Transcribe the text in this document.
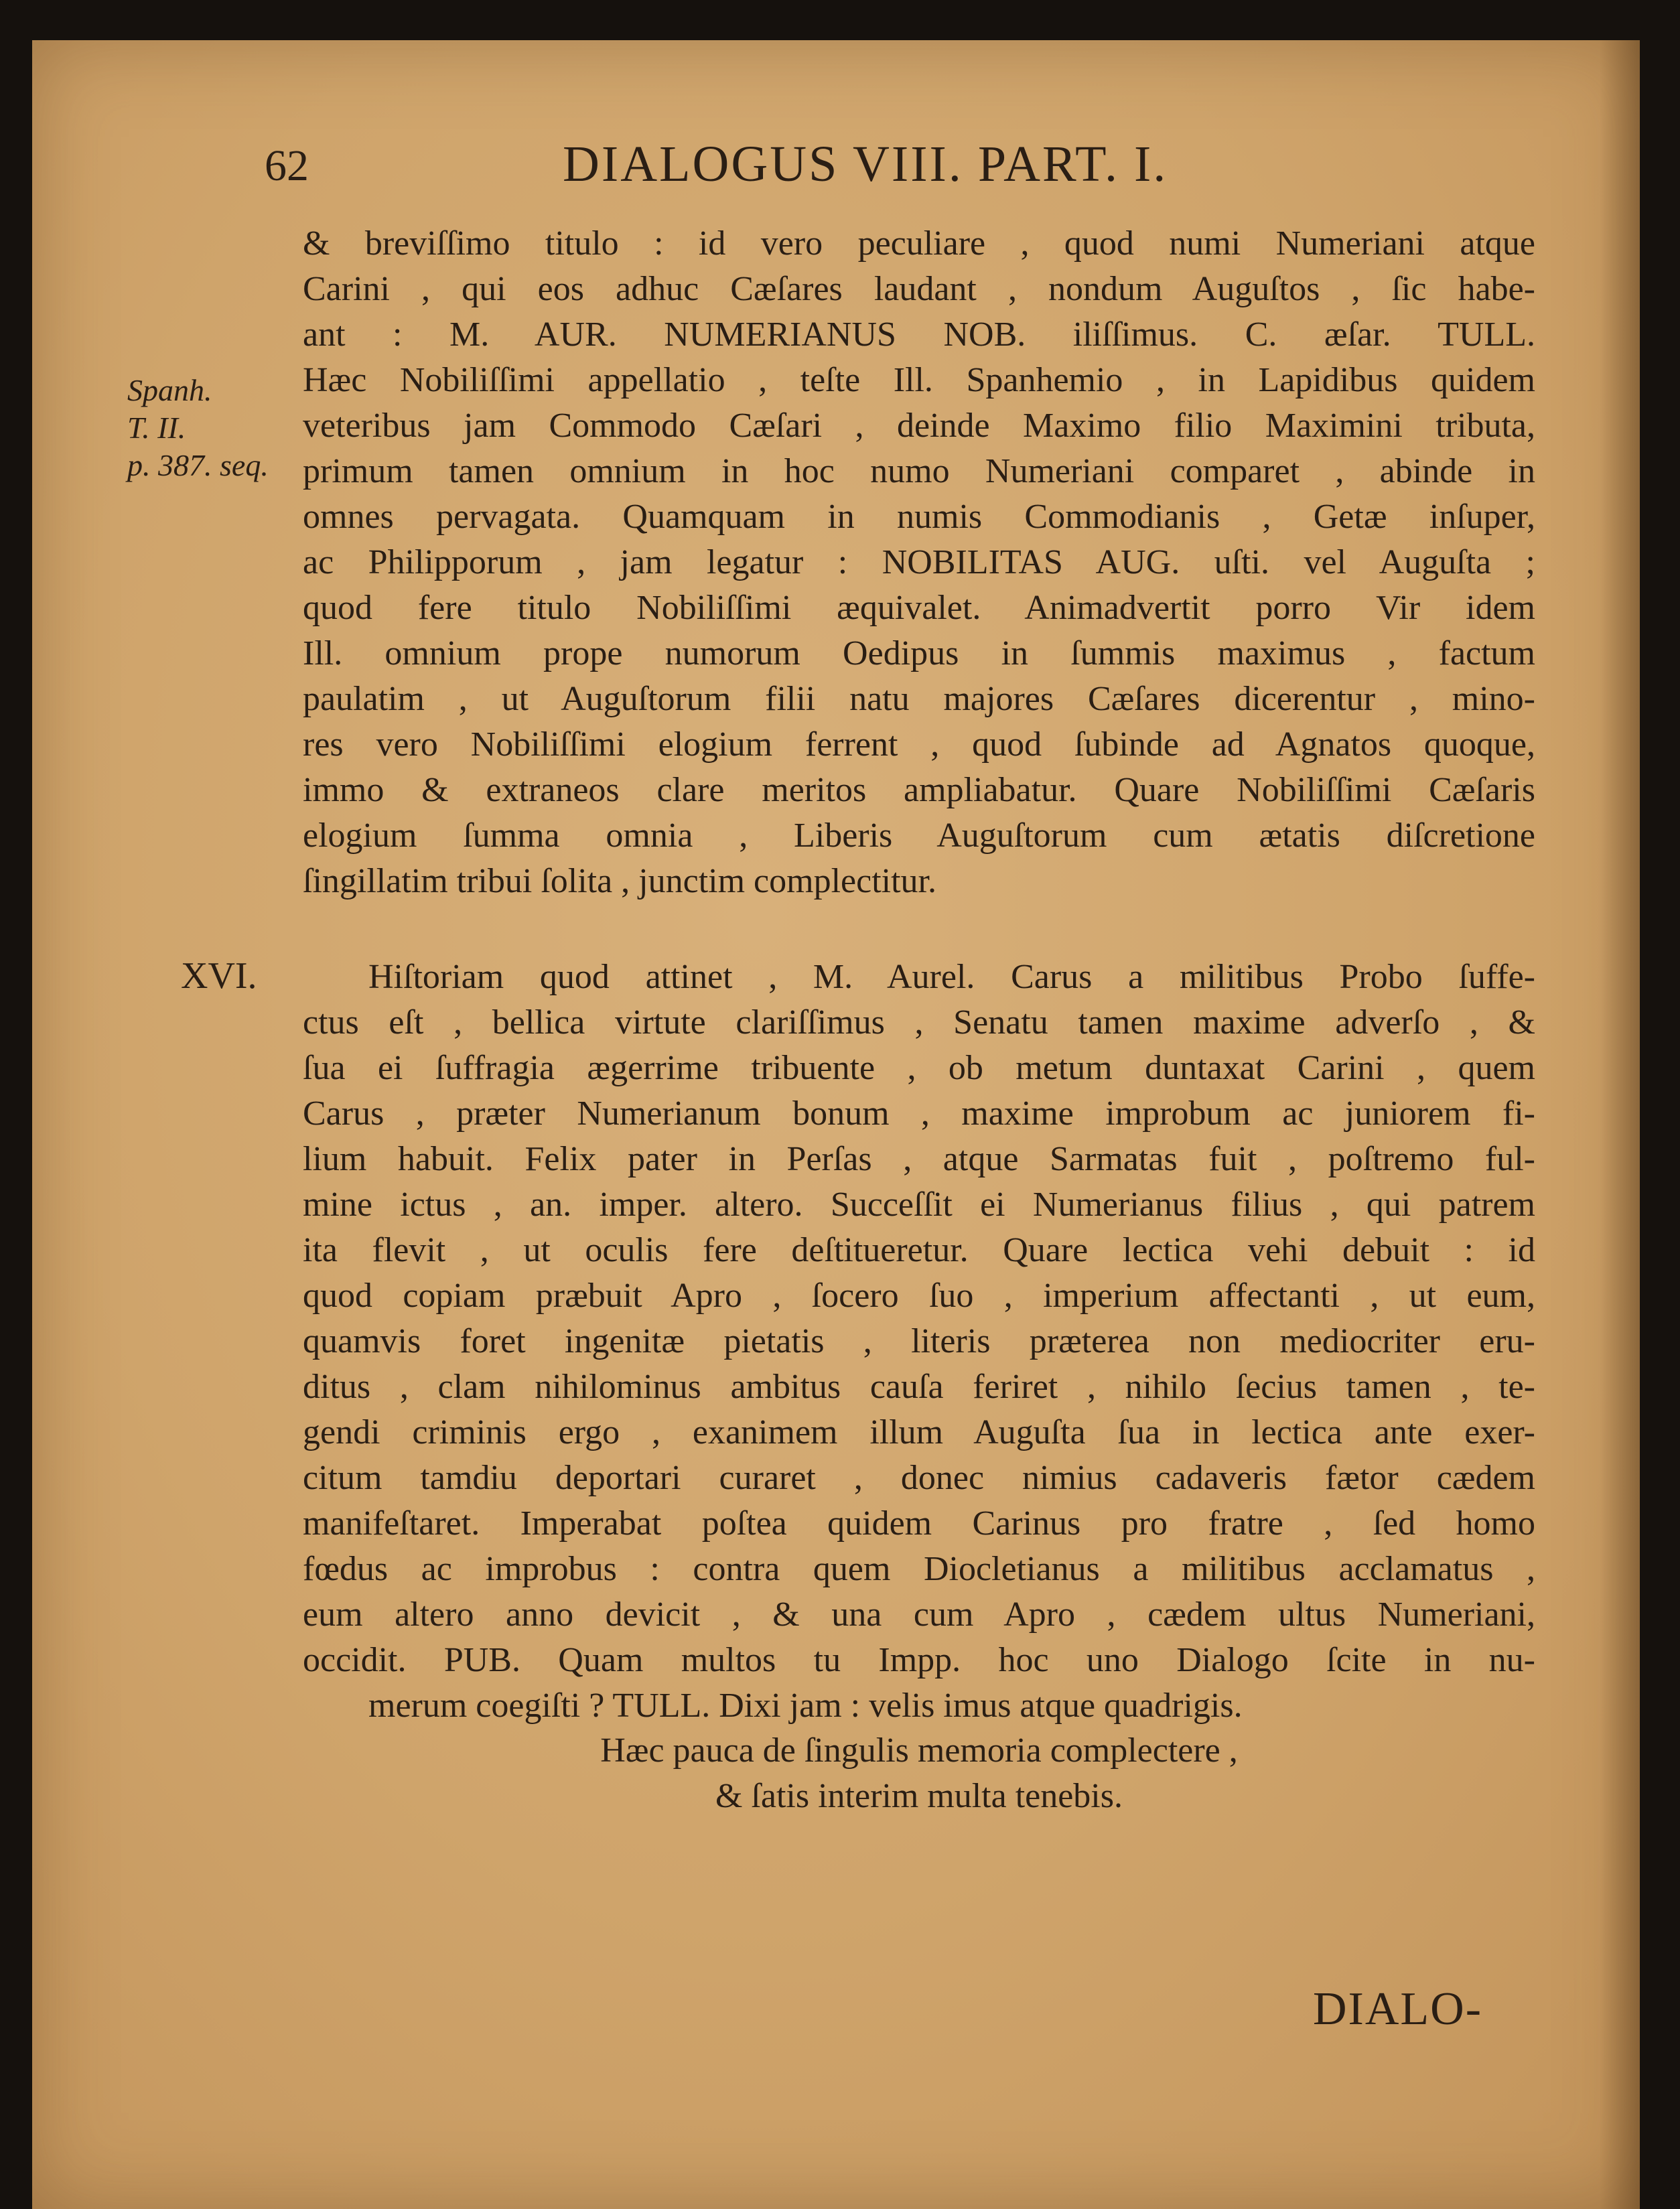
62	DIALOGUS VIII. PART. I.
Spanh.
T. II.
p. 387. seq.
& breviſſimo titulo : id vero peculiare , quod numi Numeriani atque
Carini , qui eos adhuc Cæſares laudant , nondum Auguſtos , ſic habe-
ant : M. AUR. NUMERIANUS NOB. iliſſimus. C. æſar. TULL.
Hæc Nobiliſſimi appellatio , teſte Ill. Spanhemio , in Lapidibus quidem
veteribus jam Commodo Cæſari , deinde Maximo filio Maximini tributa,
primum tamen omnium in hoc numo Numeriani comparet , abinde in
omnes pervagata. Quamquam in numis Commodianis , Getæ inſuper,
ac Philipporum , jam legatur : NOBILITAS AUG. uſti. vel Auguſta ;
quod fere titulo Nobiliſſimi æquivalet. Animadvertit porro Vir idem
Ill. omnium prope numorum Oedipus in ſummis maximus , factum
paulatim , ut Auguſtorum filii natu majores Cæſares dicerentur , mino-
res vero Nobiliſſimi elogium ferrent , quod ſubinde ad Agnatos quoque,
immo & extraneos clare meritos ampliabatur. Quare Nobiliſſimi Cæſaris
elogium ſumma omnia , Liberis Auguſtorum cum ætatis diſcretione
ſingillatim tribui ſolita , junctim complectitur.
XVI.	Hiſtoriam quod attinet , M. Aurel. Carus a militibus Probo ſuffe-
ctus eſt , bellica virtute clariſſimus , Senatu tamen maxime adverſo , &
ſua ei ſuffragia ægerrime tribuente , ob metum duntaxat Carini , quem
Carus , præter Numerianum bonum , maxime improbum ac juniorem fi-
lium habuit. Felix pater in Perſas , atque Sarmatas fuit , poſtremo ful-
mine ictus , an. imper. altero. Succeſſit ei Numerianus filius , qui patrem
ita flevit , ut oculis fere deſtitueretur. Quare lectica vehi debuit : id
quod copiam præbuit Apro , ſocero ſuo , imperium affectanti , ut eum,
quamvis foret ingenitæ pietatis , literis præterea non mediocriter eru-
ditus , clam nihilominus ambitus cauſa feriret , nihilo ſecius tamen , te-
gendi criminis ergo , exanimem illum Auguſta ſua in lectica ante exer-
citum tamdiu deportari curaret , donec nimius cadaveris fætor cædem
manifeſtaret. Imperabat poſtea quidem Carinus pro fratre , ſed homo
fœdus ac improbus : contra quem Diocletianus a militibus acclamatus ,
eum altero anno devicit , & una cum Apro , cædem ultus Numeriani,
occidit. PUB. Quam multos tu Impp. hoc uno Dialogo ſcite in nu-
merum coegiſti ? TULL. Dixi jam : velis imus atque quadrigis.
Hæc pauca de ſingulis memoria complectere ,
& ſatis interim multa tenebis.
DIALO-
